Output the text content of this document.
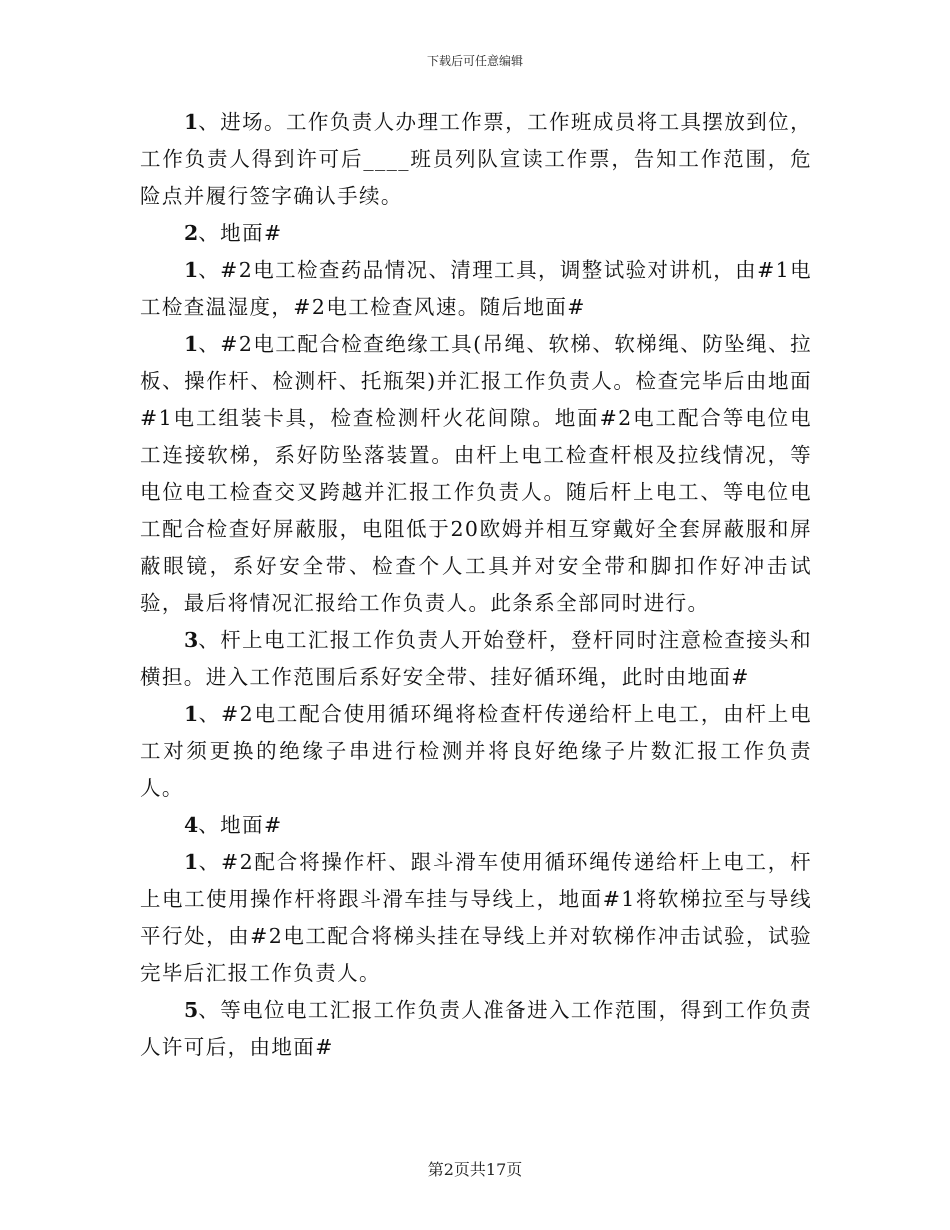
下载后可任意编辑

1、进场。工作负责人办理工作票，工作班成员将工具摆放到位，工作负责人得到许可后____班员列队宣读工作票，告知工作范围，危险点并履行签字确认手续。

2、地面#

1、#2电工检查药品情况、清理工具，调整试验对讲机，由#1电工检查温湿度，#2电工检查风速。随后地面#

1、#2电工配合检查绝缘工具(吊绳、软梯、软梯绳、防坠绳、拉板、操作杆、检测杆、托瓶架)并汇报工作负责人。检查完毕后由地面#1电工组装卡具，检查检测杆火花间隙。地面#2电工配合等电位电工连接软梯，系好防坠落装置。由杆上电工检查杆根及拉线情况，等电位电工检查交叉跨越并汇报工作负责人。随后杆上电工、等电位电工配合检查好屏蔽服，电阻低于20欧姆并相互穿戴好全套屏蔽服和屏蔽眼镜，系好安全带、检查个人工具并对安全带和脚扣作好冲击试验，最后将情况汇报给工作负责人。此条系全部同时进行。

3、杆上电工汇报工作负责人开始登杆，登杆同时注意检查接头和横担。进入工作范围后系好安全带、挂好循环绳，此时由地面#

1、#2电工配合使用循环绳将检查杆传递给杆上电工，由杆上电工对须更换的绝缘子串进行检测并将良好绝缘子片数汇报工作负责人。

4、地面#

1、#2配合将操作杆、跟斗滑车使用循环绳传递给杆上电工，杆上电工使用操作杆将跟斗滑车挂与导线上，地面#1将软梯拉至与导线平行处，由#2电工配合将梯头挂在导线上并对软梯作冲击试验，试验完毕后汇报工作负责人。

5、等电位电工汇报工作负责人准备进入工作范围，得到工作负责人许可后，由地面#

第2页共17页
